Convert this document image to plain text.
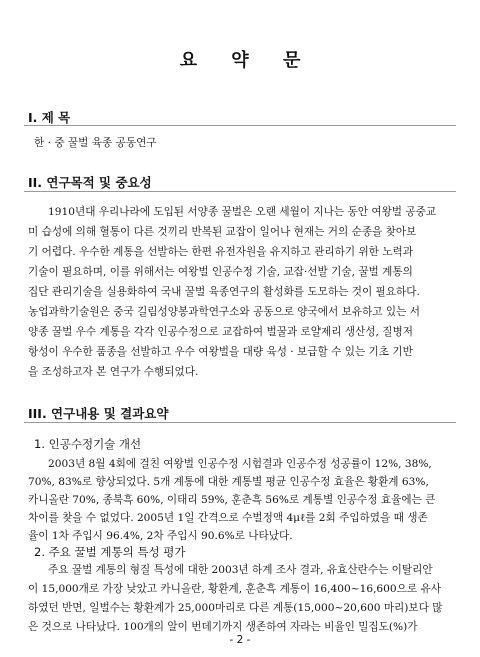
요 약 문
I. 제 목
한 · 중 꿀벌 육종 공동연구
II. 연구목적 및 중요성
1910년대 우리나라에 도입된 서양종 꿀벌은 오랜 세월이 지나는 동안 여왕벌 공중교
미 습성에 의해 혈통이 다른 것끼리 반복된 교잡이 일어나 현재는 거의 순종을 찾아보
기 어렵다. 우수한 계통을 선발하는 한편 유전자원을 유지하고 관리하기 위한 노력과
기술이 필요하며, 이를 위해서는 여왕벌 인공수정 기술, 교잡·선발 기술, 꿀벌 계통의
집단 관리기술을 실용화하여 국내 꿀벌 육종연구의 활성화를 도모하는 것이 필요하다.
농업과학기술원은 중국 길림성양봉과학연구소와 공동으로 양국에서 보유하고 있는 서
양종 꿀벌 우수 계통을 각각 인공수정으로 교잡하여 벌꿀과 로얄제리 생산성, 질병저
항성이 우수한 품종을 선발하고 우수 여왕벌을 대량 육성 · 보급할 수 있는 기초 기반
을 조성하고자 본 연구가 수행되었다.
III. 연구내용 및 결과요약
1. 인공수정기술 개선
2003년 8월 4회에 걸친 여왕벌 인공수정 시험결과 인공수정 성공률이 12%, 38%,
70%, 83%로 향상되었다. 5개 계통에 대한 계통별 평균 인공수정 효율은 황환계 63%,
카니올란 70%, 종북흑 60%, 이태리 59%, 훈춘흑 56%로 계통별 인공수정 효율에는 큰
차이를 찾을 수 없었다. 2005년 1일 간격으로 수벌정액 4μℓ를 2회 주입하였을 때 생존
율이 1차 주입시 96.4%, 2차 주입시 90.6%로 나타났다.
2. 주요 꿀벌 계통의 특성 평가
주요 꿀벌 계통의 형질 특성에 대한 2003년 하계 조사 결과, 유효산란수는 이탈리안
이 15,000개로 가장 낮았고 카니올란, 황환계, 훈춘흑 계통이 16,400~16,600으로 유사
하였던 반면, 일벌수는 황환계가 25,000마리로 다른 계통(15,000~20,600 마리)보다 많
은 것으로 나타났다. 100개의 알이 번데기까지 생존하여 자라는 비율인 밀집도(%)가
- 2 -
